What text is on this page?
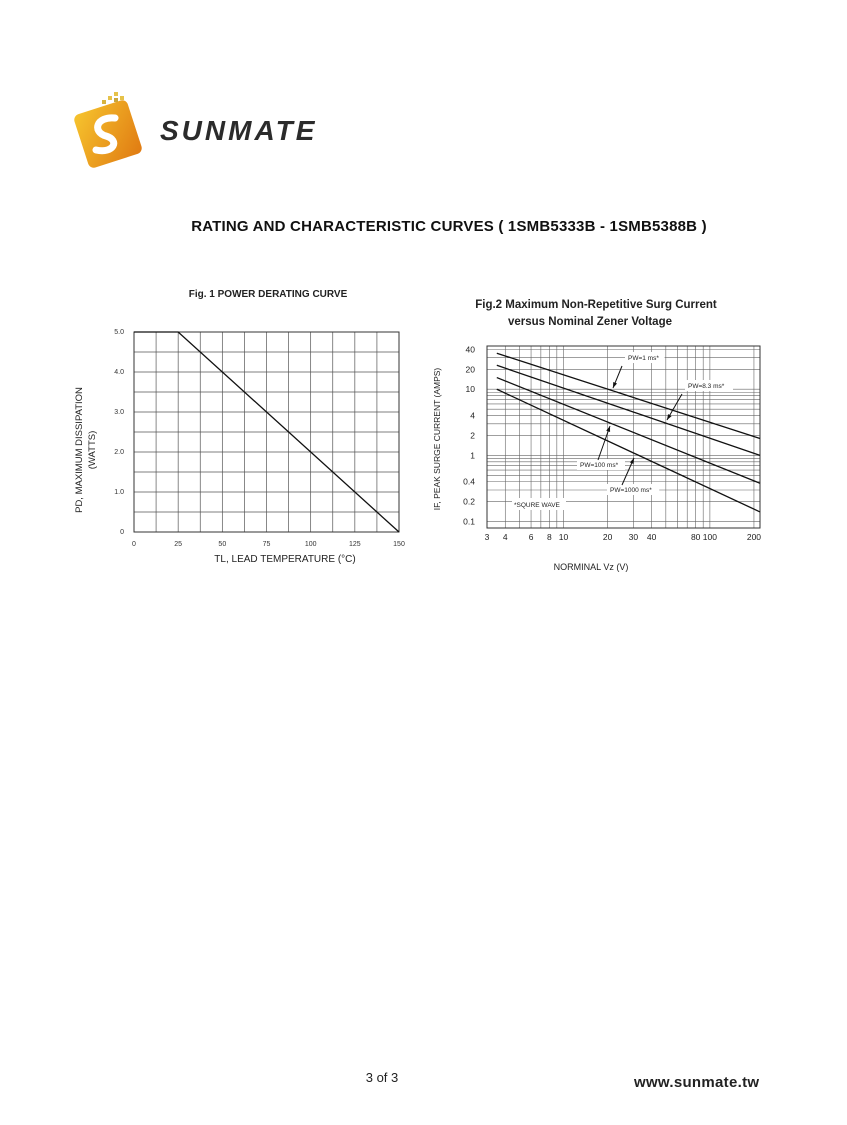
SUNMATE
RATING AND CHARACTERISTIC CURVES ( 1SMB5333B - 1SMB5388B )
Fig. 1 POWER DERATING CURVE
0	25	50	75	100	125	150
0
1.0
2.0
3.0
4.0
5.0
TL, LEAD TEMPERATURE (°C)
PD, MAXIMUM DISSIPATION (WATTS)
Fig.2 Maximum Non-Repetitive Surg Current
versus Nominal Zener Voltage
3 4 6 8 10	20 30 40	80 100	200
40
20
10
4
2
1
0.4
0.2
0.1
PW=1 ms*
PW=8.3 ms*
PW=100 ms*
PW=1000 ms*
*SQURE WAVE
NORMINAL Vz (V)
IF, PEAK SURGE CURRENT (AMPS)
3 of 3	www.sunmate.tw
